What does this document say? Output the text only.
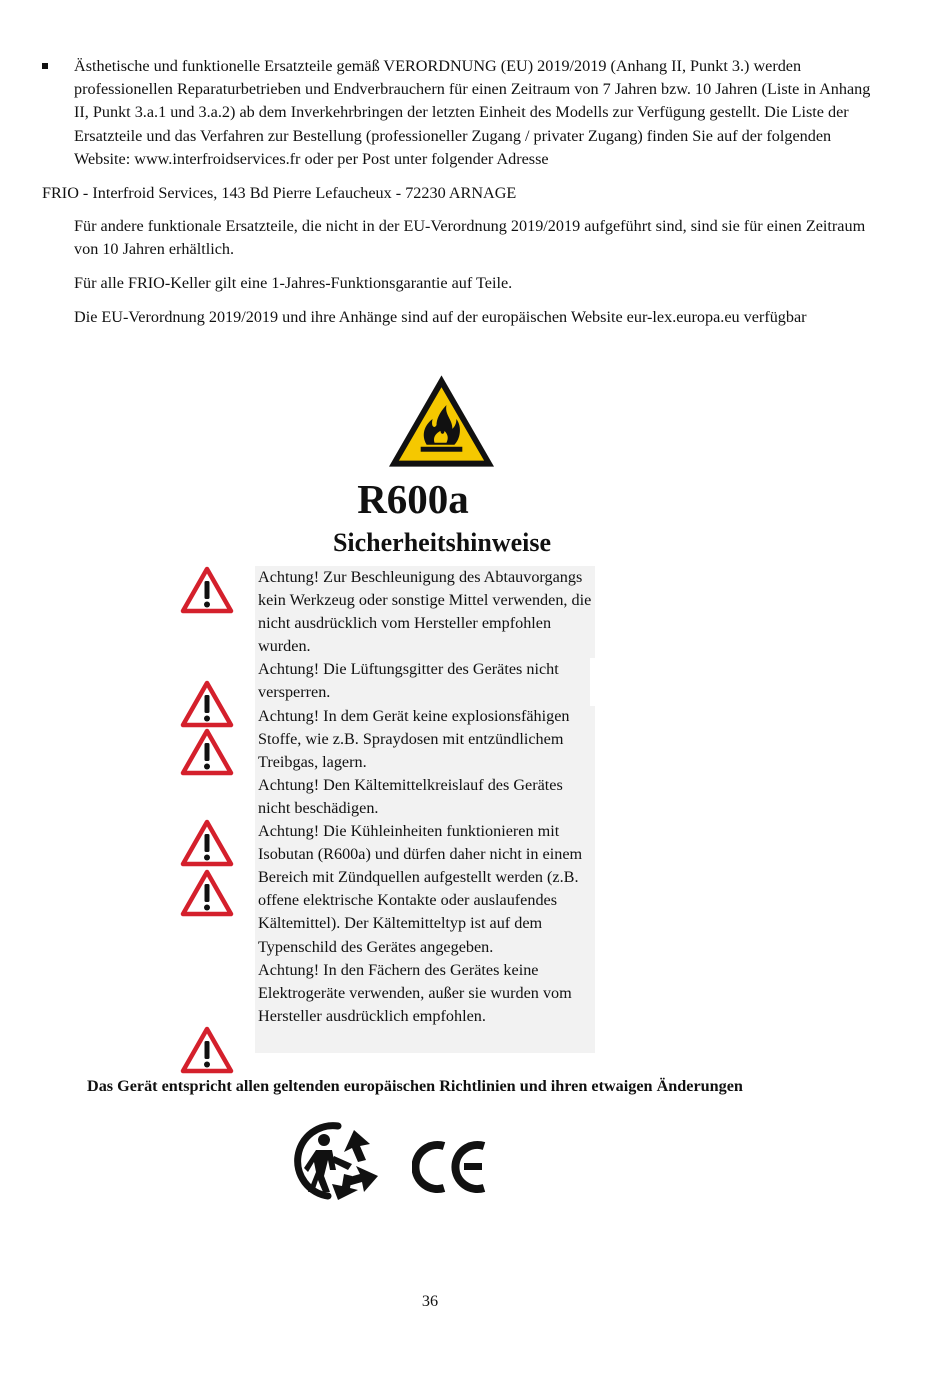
Ästhetische und funktionelle Ersatzteile gemäß VERORDNUNG (EU) 2019/2019 (Anhang II, Punkt 3.) werden professionellen Reparaturbetrieben und Endverbrauchern für einen Zeitraum von 7 Jahren bzw. 10 Jahren (Liste in Anhang II, Punkt 3.a.1 und 3.a.2) ab dem Inverkehrbringen der letzten Einheit des Modells zur Verfügung gestellt. Die Liste der Ersatzteile und das Verfahren zur Bestellung (professioneller Zugang / privater Zugang) finden Sie auf der folgenden Website: www.interfroidservices.fr oder per Post unter folgender Adresse
FRIO - Interfroid Services, 143 Bd Pierre Lefaucheux - 72230 ARNAGE
Für andere funktionale Ersatzteile, die nicht in der EU-Verordnung 2019/2019 aufgeführt sind, sind sie für einen Zeitraum von 10 Jahren erhältlich.
Für alle FRIO-Keller gilt eine 1-Jahres-Funktionsgarantie auf Teile.
Die EU-Verordnung 2019/2019 und ihre Anhänge sind auf der europäischen Website eur-lex.europa.eu verfügbar
R600a
Sicherheitshinweise

Achtung! Zur Beschleunigung des Abtauvorgangs kein Werkzeug oder sonstige Mittel verwenden, die nicht ausdrücklich vom Hersteller empfohlen wurden.

Achtung! Die Lüftungsgitter des Gerätes nicht versperren.

Achtung! In dem Gerät keine explosionsfähigen Stoffe, wie z.B. Spraydosen mit entzündlichem Treibgas, lagern.

Achtung! Den Kältemittelkreislauf des Gerätes nicht beschädigen.

Achtung! Die Kühleinheiten funktionieren mit Isobutan (R600a) und dürfen daher nicht in einem Bereich mit Zündquellen aufgestellt werden (z.B. offene elektrische Kontakte oder auslaufendes Kältemittel). Der Kältemitteltyp ist auf dem Typenschild des Gerätes angegeben.

Achtung! In den Fächern des Gerätes keine Elektrogeräte verwenden, außer sie wurden vom Hersteller ausdrücklich empfohlen.

Das Gerät entspricht allen geltenden europäischen Richtlinien und ihren etwaigen Änderungen
36
